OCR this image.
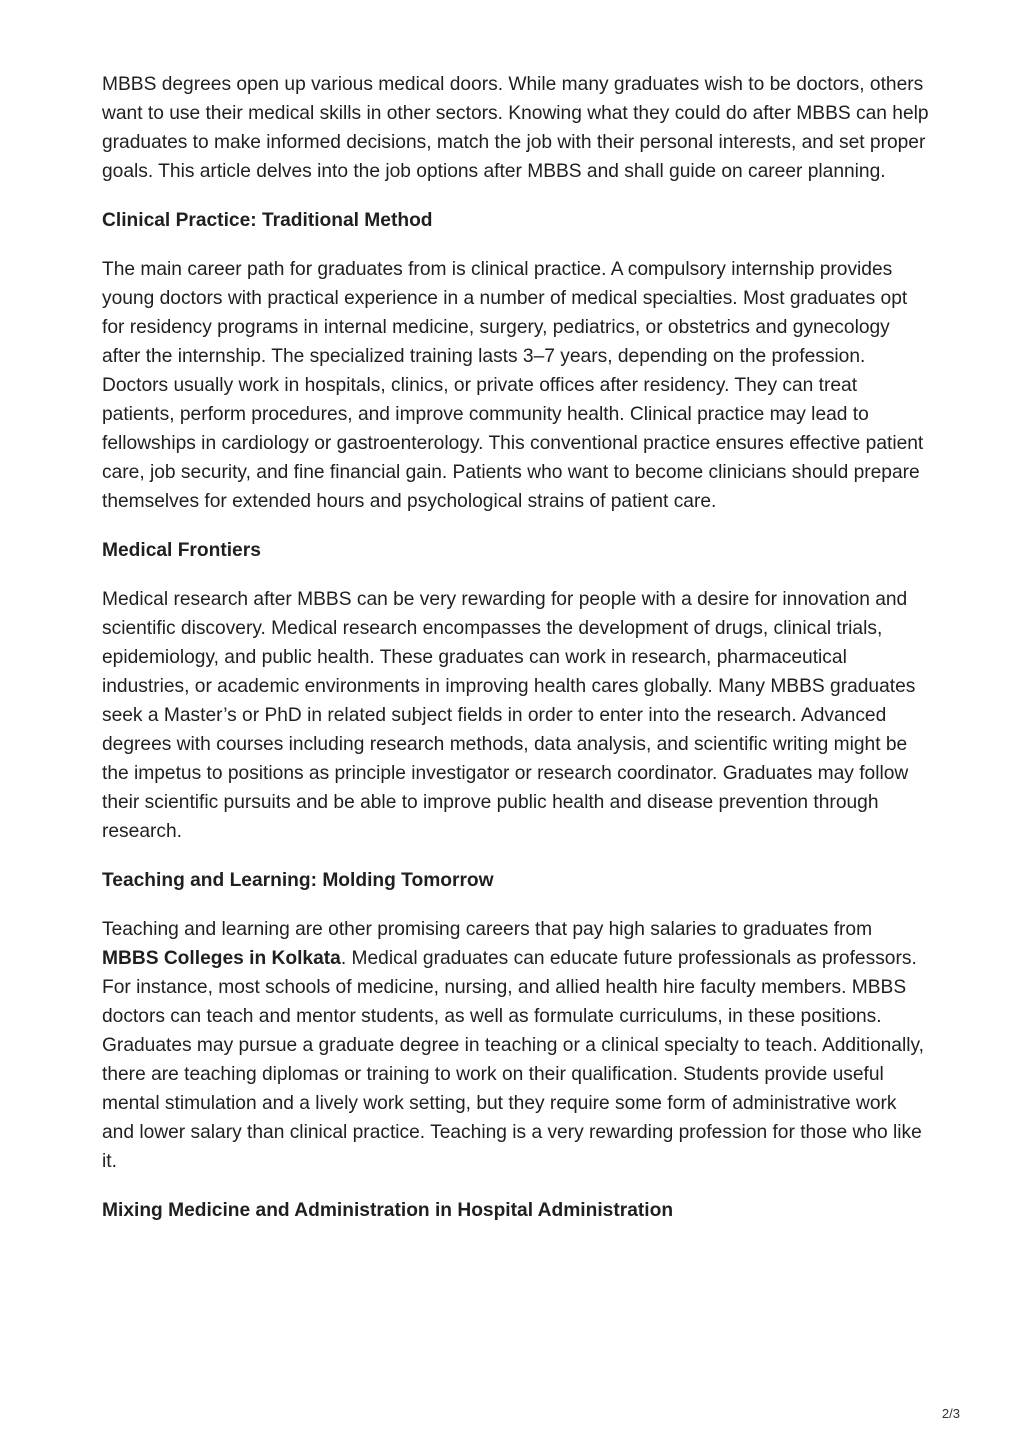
MBBS degrees open up various medical doors. While many graduates wish to be doctors, others want to use their medical skills in other sectors. Knowing what they could do after MBBS can help graduates to make informed decisions, match the job with their personal interests, and set proper goals. This article delves into the job options after MBBS and shall guide on career planning.

Clinical Practice: Traditional Method

The main career path for graduates from is clinical practice. A compulsory internship provides young doctors with practical experience in a number of medical specialties. Most graduates opt for residency programs in internal medicine, surgery, pediatrics, or obstetrics and gynecology after the internship. The specialized training lasts 3–7 years, depending on the profession. Doctors usually work in hospitals, clinics, or private offices after residency. They can treat patients, perform procedures, and improve community health. Clinical practice may lead to fellowships in cardiology or gastroenterology. This conventional practice ensures effective patient care, job security, and fine financial gain. Patients who want to become clinicians should prepare themselves for extended hours and psychological strains of patient care.

Medical Frontiers

Medical research after MBBS can be very rewarding for people with a desire for innovation and scientific discovery. Medical research encompasses the development of drugs, clinical trials, epidemiology, and public health. These graduates can work in research, pharmaceutical industries, or academic environments in improving health cares globally. Many MBBS graduates seek a Master’s or PhD in related subject fields in order to enter into the research. Advanced degrees with courses including research methods, data analysis, and scientific writing might be the impetus to positions as principle investigator or research coordinator. Graduates may follow their scientific pursuits and be able to improve public health and disease prevention through research.

Teaching and Learning: Molding Tomorrow

Teaching and learning are other promising careers that pay high salaries to graduates from MBBS Colleges in Kolkata. Medical graduates can educate future professionals as professors. For instance, most schools of medicine, nursing, and allied health hire faculty members. MBBS doctors can teach and mentor students, as well as formulate curriculums, in these positions. Graduates may pursue a graduate degree in teaching or a clinical specialty to teach. Additionally, there are teaching diplomas or training to work on their qualification. Students provide useful mental stimulation and a lively work setting, but they require some form of administrative work and lower salary than clinical practice. Teaching is a very rewarding profession for those who like it.

Mixing Medicine and Administration in Hospital Administration
2/3
